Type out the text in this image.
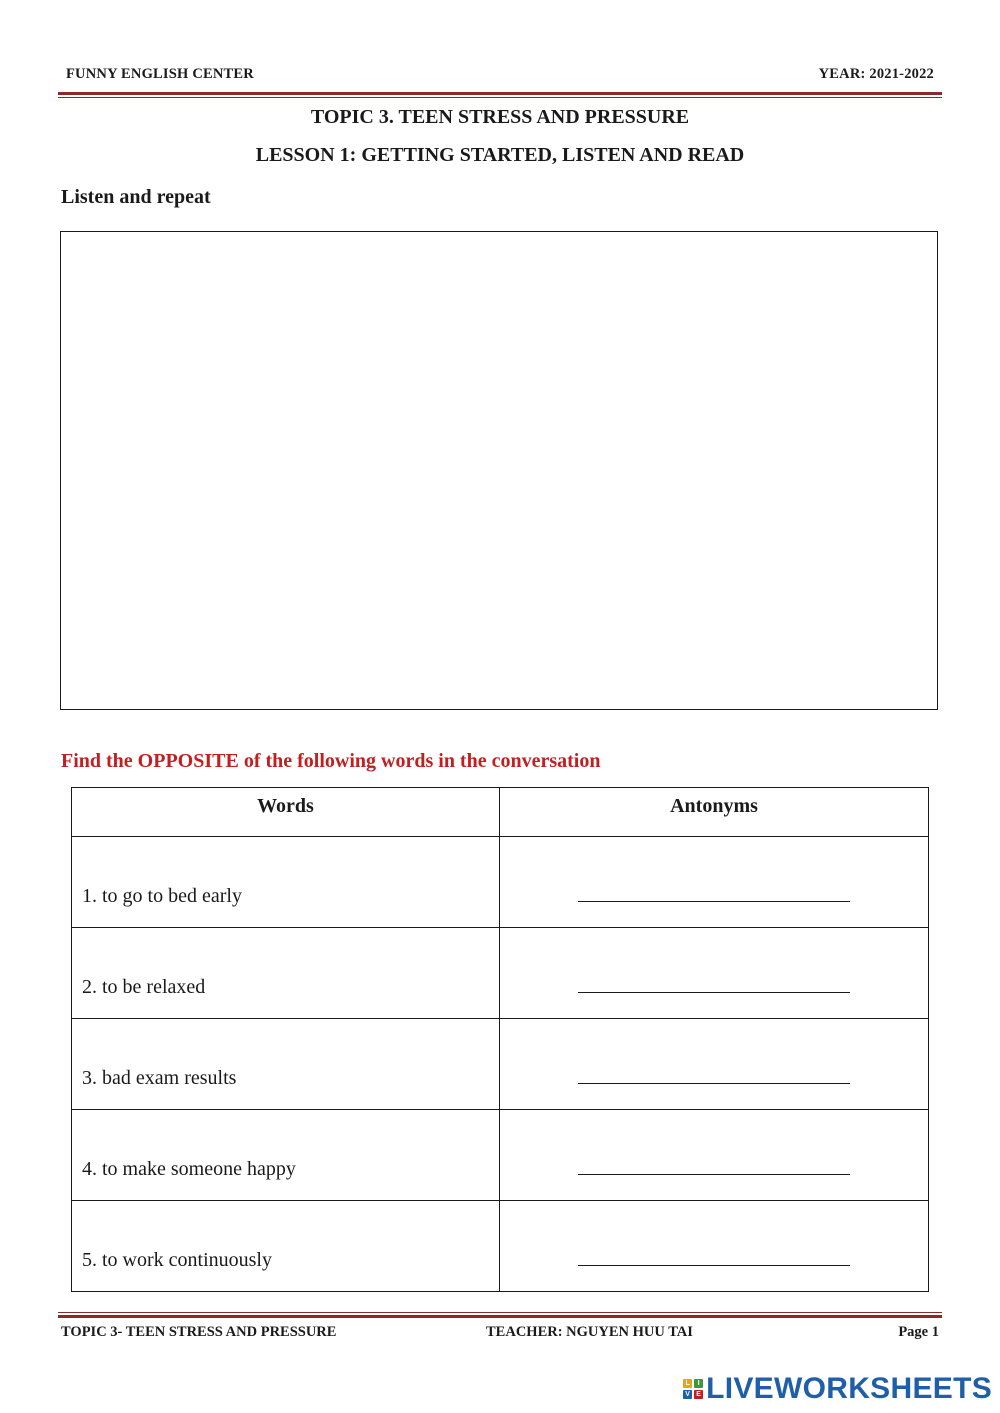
FUNNY ENGLISH CENTER	YEAR: 2021-2022
TOPIC 3. TEEN STRESS AND PRESSURE
LESSON 1: GETTING STARTED, LISTEN AND READ
Listen and repeat
Find the OPPOSITE of the following words in the conversation
Words	Antonyms

1. to go to bed early	

2. to be relaxed	

3. bad exam results	

4. to make someone happy	

5. to work continuously	

TOPIC 3- TEEN STRESS AND PRESSURE	TEACHER: NGUYEN HUU TAI	Page 1
L	I
V E LIVEWORKSHEETS
